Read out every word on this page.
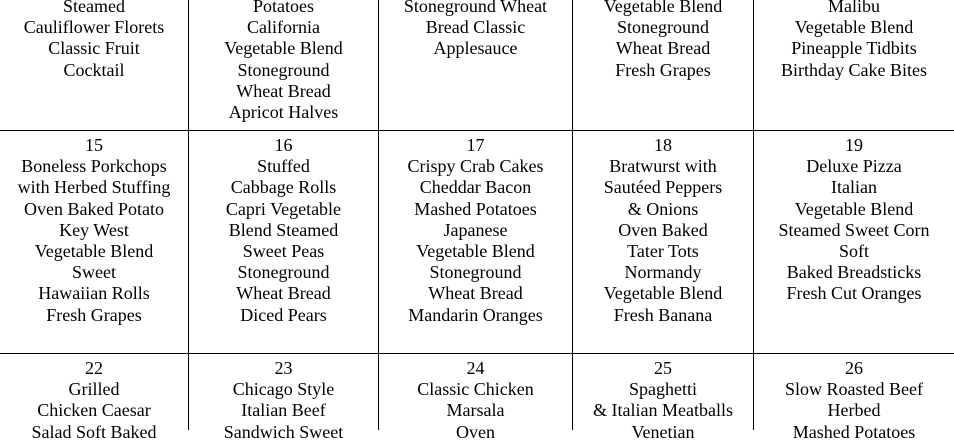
Steamed
Cauliflower Florets
Classic Fruit
Cocktail
Potatoes
California
Vegetable Blend
Stoneground
Wheat Bread
Apricot Halves
Stoneground Wheat
Bread Classic
Applesauce
Vegetable Blend
Stoneground
Wheat Bread
Fresh Grapes
Malibu
Vegetable Blend
Pineapple Tidbits
Birthday Cake Bites
15
Boneless Porkchops
with Herbed Stuffing
Oven Baked Potato
Key West
Vegetable Blend
Sweet
Hawaiian Rolls
Fresh Grapes
16
Stuffed
Cabbage Rolls
Capri Vegetable
Blend Steamed
Sweet Peas
Stoneground
Wheat Bread
Diced Pears
17
Crispy Crab Cakes
Cheddar Bacon
Mashed Potatoes
Japanese
Vegetable Blend
Stoneground
Wheat Bread
Mandarin Oranges
18
Bratwurst with
Sautéed Peppers
& Onions
Oven Baked
Tater Tots
Normandy
Vegetable Blend
Fresh Banana
19
Deluxe Pizza
Italian
Vegetable Blend
Steamed Sweet Corn
Soft
Baked Breadsticks
Fresh Cut Oranges
22
Grilled
Chicken Caesar
Salad Soft Baked
23
Chicago Style
Italian Beef
Sandwich Sweet
24
Classic Chicken
Marsala
Oven
25
Spaghetti
& Italian Meatballs
Venetian
26
Slow Roasted Beef
Herbed
Mashed Potatoes
